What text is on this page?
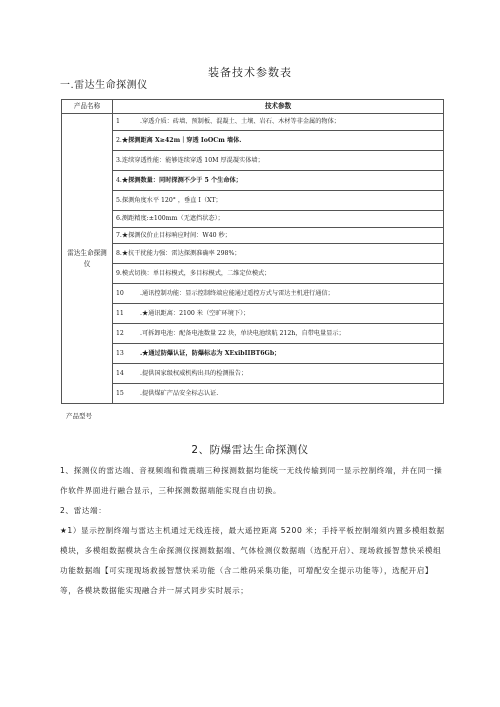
装备技术参数表
一.雷达生命探测仪
产品名称	技术参数
雷达生命探测仪	1 .穿透介质：砖墙、预制板、混凝土、土壤、岩石、木材等非金属的物体；
	2.★探测距离 X≥42m｜穿透 IoOCm 墙体.
	3.连续穿透性能：能够连续穿透 10M 厚混凝实体墙；
	4.★探测数量：同时探测不少于 5 个生命体；
	5.探测角度水平 120° ，垂直 I（XT；
	6.测距精度:±100mm（无遮挡状态）；
	7.★探测仪价止目标响应时间：W40 秒；
	8.★抗干扰能力强：雷达探测准确率 298%；
	9.模式切换：单目标模式，多目标模式，二维定位模式；
	10 .通讯控制功能：显示控制终端应能通过遥控方式与雷达主机进行通信；
	11 .★通讯距离：2100 米（空旷环境下）；
	12 .可拆卸电池：配备电池数量 22 块，单块电池续航 212h，自带电量显示；
	13 .★通过防爆认证，防爆标志为 XExibIIBT6Gb；
	14 .提供国家级权威机构出具的检测报告；
	15 .提供煤矿产品安全标志认证.
产品型号
2、防爆雷达生命探测仪
1、探测仪的雷达端、音视频端和微震端三种探测数据均能统一无线传输到同一显示控制终端，并在同一操作软件界面进行融合显示，三种探测数据端能实现自由切换。
2、雷达端：
★1）显示控制终端与雷达主机通过无线连接，最大遥控距离 5200 米；手持平板控制端须内置多模组数据模块，多模组数据模块含生命探测仪探测数据端、气体检测仪数据端（选配开启）、现场救援智慧快采模组功能数据端【可实现现场救援智慧快采功能（含二维码采集功能，可增配安全提示功能等），选配开启】等，各模块数据能实现融合并一屏式同步实时展示；
